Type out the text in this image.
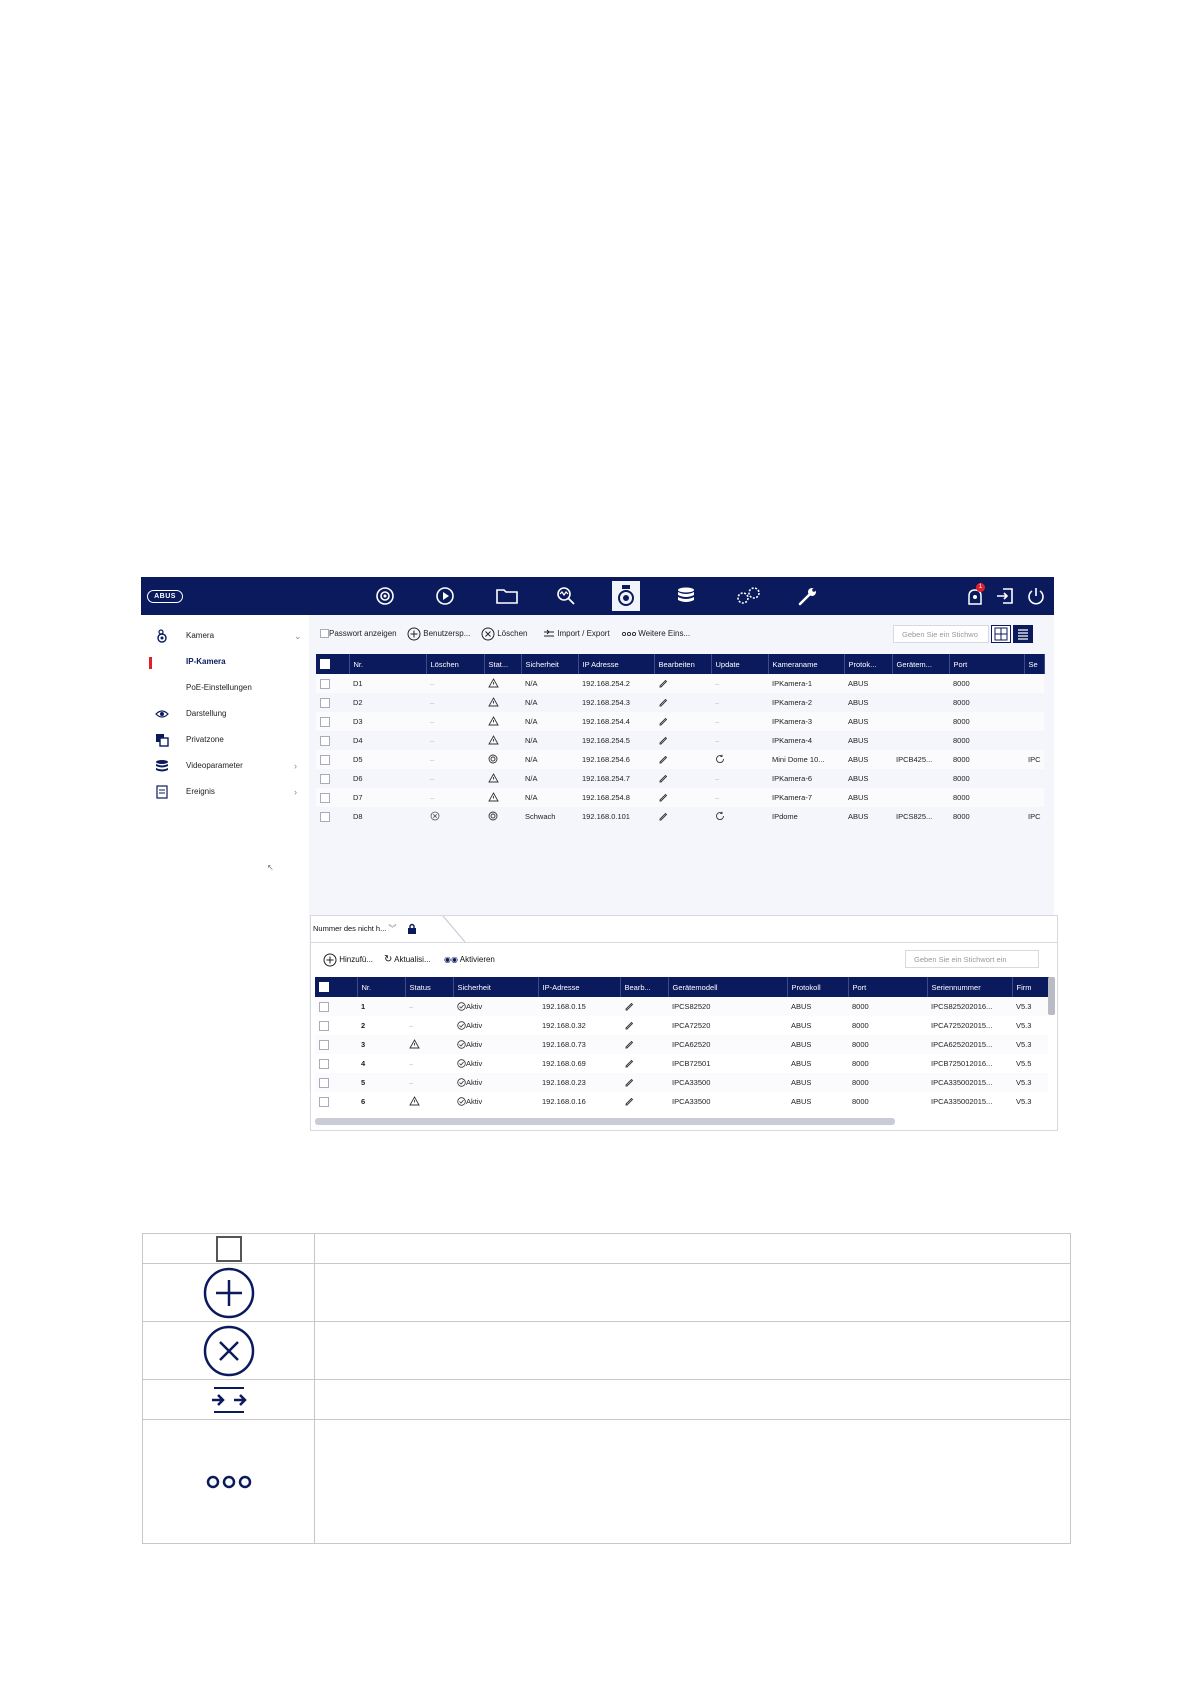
ABUS
1
Kamera	⌄
IP-Kamera
PoE-Einstellungen
Darstellung
Privatzone
Videoparameter	›
Ereignis	›
↖
Passwort anzeigen	Benutzersp...	Löschen	Import / Export	Weitere Eins...	Geben Sie ein Stichwo
	Nr.	Löschen	Stat...	Sicherheit	IP Adresse	Bearbeiten	Update	Kameraname	Protok...	Gerätem...	Port	Se
	D1	–		N/A	192.168.254.2		–	IPKamera-1	ABUS		8000	
	D2	–		N/A	192.168.254.3		–	IPKamera-2	ABUS		8000	
	D3	–		N/A	192.168.254.4		–	IPKamera-3	ABUS		8000	
	D4	–		N/A	192.168.254.5		–	IPKamera-4	ABUS		8000	
	D5	–		N/A	192.168.254.6			Mini Dome 10...	ABUS	IPCB425...	8000	IPC
	D6	–		N/A	192.168.254.7		–	IPKamera-6	ABUS		8000	
	D7	–		N/A	192.168.254.8		–	IPKamera-7	ABUS		8000	
	D8			Schwach	192.168.0.101			IPdome	ABUS	IPCS825...	8000	IPC
Nummer des nicht h... ︾
Hinzufü... ↻ Aktualisi... ◉◉ Aktivieren	Geben Sie ein Stichwort ein
	Nr.	Status	Sicherheit	IP-Adresse	Bearb...	Gerätemodell	Protokoll	Port	Seriennummer	Firm
	1	–	Aktiv	192.168.0.15		IPCS82520	ABUS	8000	IPCS825202016...	V5.3
	2	–	Aktiv	192.168.0.32		IPCA72520	ABUS	8000	IPCA725202015...	V5.3
	3		Aktiv	192.168.0.73		IPCA62520	ABUS	8000	IPCA625202015...	V5.3
	4	–	Aktiv	192.168.0.69		IPCB72501	ABUS	8000	IPCB725012016...	V5.5
	5	–	Aktiv	192.168.0.23		IPCA33500	ABUS	8000	IPCA335002015...	V5.3
	6		Aktiv	192.168.0.16		IPCA33500	ABUS	8000	IPCA335002015...	V5.3
